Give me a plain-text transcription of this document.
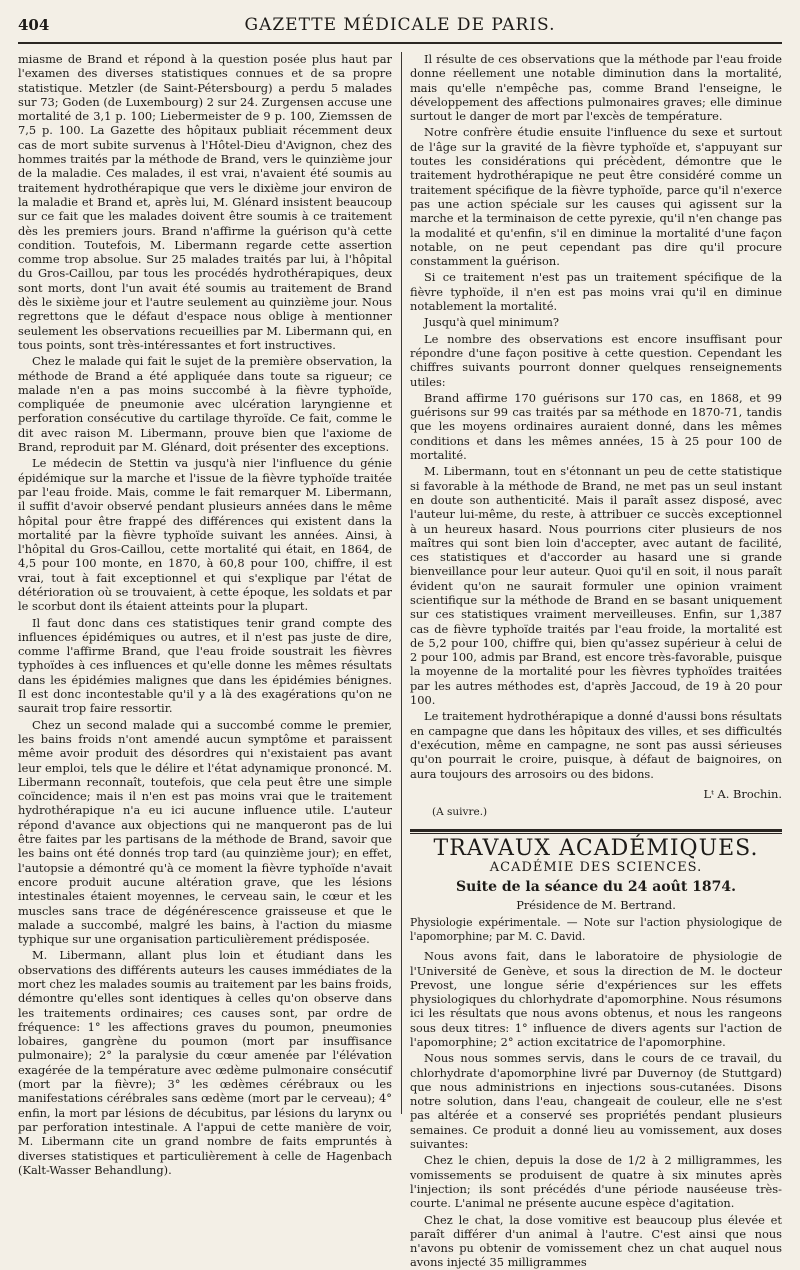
404	GAZETTE MÉDICALE DE PARIS.

miasme de Brand et répond à la question posée plus haut par l'examen des diverses statistiques connues et de sa propre statistique. Metzler (de Saint-Pétersbourg) a perdu 5 malades sur 73; Goden (de Luxembourg) 2 sur 24. Zurgensen accuse une mortalité de 3,1 p. 100; Liebermeister de 9 p. 100, Ziemssen de 7,5 p. 100. La Gazette des hôpitaux publiait récemment deux cas de mort subite survenus à l'Hôtel-Dieu d'Avignon, chez des hommes traités par la méthode de Brand, vers le quinzième jour de la maladie. Ces malades, il est vrai, n'avaient été soumis au traitement hydrothérapique que vers le dixième jour environ de la maladie et Brand et, après lui, M. Glénard insistent beaucoup sur ce fait que les malades doivent être soumis à ce traitement dès les premiers jours. Brand n'affirme la guérison qu'à cette condition. Toutefois, M. Libermann regarde cette assertion comme trop absolue. Sur 25 malades traités par lui, à l'hôpital du Gros-Caillou, par tous les procédés hydrothérapiques, deux sont morts, dont l'un avait été soumis au traitement de Brand dès le sixième jour et l'autre seulement au quinzième jour. Nous regrettons que le défaut d'espace nous oblige à mentionner seulement les observations recueillies par M. Libermann qui, en tous points, sont très-intéressantes et fort instructives.

Chez le malade qui fait le sujet de la première observation, la méthode de Brand a été appliquée dans toute sa rigueur; ce malade n'en a pas moins succombé à la fièvre typhoïde, compliquée de pneumonie avec ulcération laryngienne et perforation consécutive du cartilage thyroïde. Ce fait, comme le dit avec raison M. Libermann, prouve bien que l'axiome de Brand, reproduit par M. Glénard, doit présenter des exceptions.

Le médecin de Stettin va jusqu'à nier l'influence du génie épidémique sur la marche et l'issue de la fièvre typhoïde traitée par l'eau froide. Mais, comme le fait remarquer M. Libermann, il suffit d'avoir observé pendant plusieurs années dans le même hôpital pour être frappé des différences qui existent dans la mortalité par la fièvre typhoïde suivant les années. Ainsi, à l'hôpital du Gros-Caillou, cette mortalité qui était, en 1864, de 4,5 pour 100 monte, en 1870, à 60,8 pour 100, chiffre, il est vrai, tout à fait exceptionnel et qui s'explique par l'état de détérioration où se trouvaient, à cette époque, les soldats et par le scorbut dont ils étaient atteints pour la plupart.

Il faut donc dans ces statistiques tenir grand compte des influences épidémiques ou autres, et il n'est pas juste de dire, comme l'affirme Brand, que l'eau froide soustrait les fièvres typhoïdes à ces influences et qu'elle donne les mêmes résultats dans les épidémies malignes que dans les épidémies bénignes. Il est donc incontestable qu'il y a là des exagérations qu'on ne saurait trop faire ressortir.

Chez un second malade qui a succombé comme le premier, les bains froids n'ont amendé aucun symptôme et paraissent même avoir produit des désordres qui n'existaient pas avant leur emploi, tels que le délire et l'état adynamique prononcé. M. Libermann reconnaît, toutefois, que cela peut être une simple coïncidence; mais il n'en est pas moins vrai que le traitement hydrothérapique n'a eu ici aucune influence utile. L'auteur répond d'avance aux objections qui ne manqueront pas de lui être faites par les partisans de la méthode de Brand, savoir que les bains ont été donnés trop tard (au quinzième jour); en effet, l'autopsie a démontré qu'à ce moment la fièvre typhoïde n'avait encore produit aucune altération grave, que les lésions intestinales étaient moyennes, le cerveau sain, le cœur et les muscles sans trace de dégénérescence graisseuse et que le malade a succombé, malgré les bains, à l'action du miasme typhique sur une organisation particulièrement prédisposée.

M. Libermann, allant plus loin et étudiant dans les observations des différents auteurs les causes immédiates de la mort chez les malades soumis au traitement par les bains froids, démontre qu'elles sont identiques à celles qu'on observe dans les traitements ordinaires; ces causes sont, par ordre de fréquence: 1° les affections graves du poumon, pneumonies lobaires, gangrène du poumon (mort par insuffisance pulmonaire); 2° la paralysie du cœur amenée par l'élévation exagérée de la température avec œdème pulmonaire consécutif (mort par la fièvre); 3° les œdèmes cérébraux ou les manifestations cérébrales sans œdème (mort par le cerveau); 4° enfin, la mort par lésions de décubitus, par lésions du larynx ou par perforation intestinale. A l'appui de cette manière de voir, M. Libermann cite un grand nombre de faits empruntés à diverses statistiques et particulièrement à celle de Hagenbach (Kalt-Wasser Behandlung).

Il résulte de ces observations que la méthode par l'eau froide donne réellement une notable diminution dans la mortalité, mais qu'elle n'empêche pas, comme Brand l'enseigne, le développement des affections pulmonaires graves; elle diminue surtout le danger de mort par l'excès de température.

Notre confrère étudie ensuite l'influence du sexe et surtout de l'âge sur la gravité de la fièvre typhoïde et, s'appuyant sur toutes les considérations qui précèdent, démontre que le traitement hydrothérapique ne peut être considéré comme un traitement spécifique de la fièvre typhoïde, parce qu'il n'exerce pas une action spéciale sur les causes qui agissent sur la marche et la terminaison de cette pyrexie, qu'il n'en change pas la modalité et qu'enfin, s'il en diminue la mortalité d'une façon notable, on ne peut cependant pas dire qu'il procure constamment la guérison.

Si ce traitement n'est pas un traitement spécifique de la fièvre typhoïde, il n'en est pas moins vrai qu'il en diminue notablement la mortalité.

Jusqu'à quel minimum?

Le nombre des observations est encore insuffisant pour répondre d'une façon positive à cette question. Cependant les chiffres suivants pourront donner quelques renseignements utiles:

Brand affirme 170 guérisons sur 170 cas, en 1868, et 99 guérisons sur 99 cas traités par sa méthode en 1870-71, tandis que les moyens ordinaires auraient donné, dans les mêmes conditions et dans les mêmes années, 15 à 25 pour 100 de mortalité.

M. Libermann, tout en s'étonnant un peu de cette statistique si favorable à la méthode de Brand, ne met pas un seul instant en doute son authenticité. Mais il paraît assez disposé, avec l'auteur lui-même, du reste, à attribuer ce succès exceptionnel à un heureux hasard. Nous pourrions citer plusieurs de nos maîtres qui sont bien loin d'accepter, avec autant de facilité, ces statistiques et d'accorder au hasard une si grande bienveillance pour leur auteur. Quoi qu'il en soit, il nous paraît évident qu'on ne saurait formuler une opinion vraiment scientifique sur la méthode de Brand en se basant uniquement sur ces statistiques vraiment merveilleuses. Enfin, sur 1,387 cas de fièvre typhoïde traités par l'eau froide, la mortalité est de 5,2 pour 100, chiffre qui, bien qu'assez supérieur à celui de 2 pour 100, admis par Brand, est encore très-favorable, puisque la moyenne de la mortalité pour les fièvres typhoïdes traitées par les autres méthodes est, d'après Jaccoud, de 19 à 20 pour 100.

Le traitement hydrothérapique a donné d'aussi bons résultats en campagne que dans les hôpitaux des villes, et ses difficultés d'exécution, même en campagne, ne sont pas aussi sérieuses qu'on pourrait le croire, puisque, à défaut de baignoires, on aura toujours des arrosoirs ou des bidons.

Lᵗ A. Brochin.

(A suivre.)

TRAVAUX ACADÉMIQUES.
ACADÉMIE DES SCIENCES.
Suite de la séance du 24 août 1874.
Présidence de M. Bertrand.

Physiologie expérimentale. — Note sur l'action physiologique de l'apomorphine; par M. C. David.

Nous avons fait, dans le laboratoire de physiologie de l'Université de Genève, et sous la direction de M. le docteur Prevost, une longue série d'expériences sur les effets physiologiques du chlorhydrate d'apomorphine. Nous résumons ici les résultats que nous avons obtenus, et nous les rangeons sous deux titres: 1° influence de divers agents sur l'action de l'apomorphine; 2° action excitatrice de l'apomorphine.

Nous nous sommes servis, dans le cours de ce travail, du chlorhydrate d'apomorphine livré par Duvernoy (de Stuttgard) que nous administrions en injections sous-cutanées. Disons notre solution, dans l'eau, changeait de couleur, elle ne s'est pas altérée et a conservé ses propriétés pendant plusieurs semaines. Ce produit a donné lieu au vomissement, aux doses suivantes:

Chez le chien, depuis la dose de 1/2 à 2 milligrammes, les vomissements se produisent de quatre à six minutes après l'injection; ils sont précédés d'une période nauséeuse très-courte. L'animal ne présente aucune espèce d'agitation.

Chez le chat, la dose vomitive est beaucoup plus élevée et paraît différer d'un animal à l'autre. C'est ainsi que nous n'avons pu obtenir de vomissement chez un chat auquel nous avons injecté 35 milligrammes
